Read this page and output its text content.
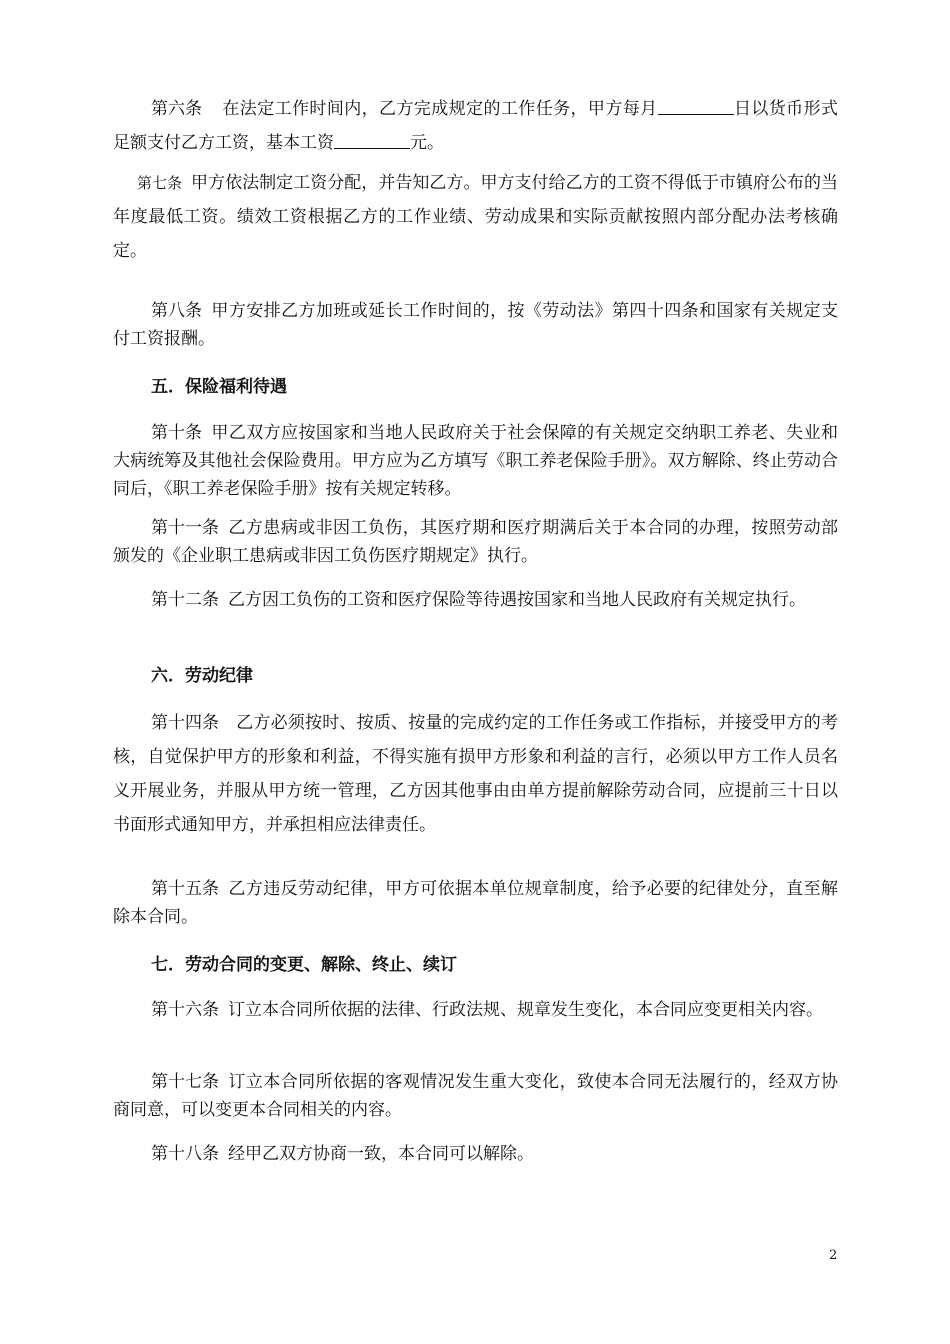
第六条 在法定工作时间内，乙方完成规定的工作任务，甲方每月	日以货币形式足额支付乙方工资，基本工资	元。

第七条 甲方依法制定工资分配，并告知乙方。甲方支付给乙方的工资不得低于市镇府公布的当年度最低工资。绩效工资根据乙方的工作业绩、劳动成果和实际贡献按照内部分配办法考核确定。

第八条 甲方安排乙方加班或延长工作时间的，按《劳动法》第四十四条和国家有关规定支付工资报酬。

五．保险福利待遇

第十条 甲乙双方应按国家和当地人民政府关于社会保障的有关规定交纳职工养老、失业和大病统筹及其他社会保险费用。甲方应为乙方填写《职工养老保险手册》。双方解除、终止劳动合同后，《职工养老保险手册》按有关规定转移。

第十一条 乙方患病或非因工负伤，其医疗期和医疗期满后关于本合同的办理，按照劳动部颁发的《企业职工患病或非因工负伤医疗期规定》执行。

第十二条 乙方因工负伤的工资和医疗保险等待遇按国家和当地人民政府有关规定执行。

六．劳动纪律

第十四条 乙方必须按时、按质、按量的完成约定的工作任务或工作指标，并接受甲方的考核，自觉保护甲方的形象和利益，不得实施有损甲方形象和利益的言行，必须以甲方工作人员名义开展业务，并服从甲方统一管理，乙方因其他事由由单方提前解除劳动合同，应提前三十日以书面形式通知甲方，并承担相应法律责任。

第十五条 乙方违反劳动纪律，甲方可依据本单位规章制度，给予必要的纪律处分，直至解除本合同。

七．劳动合同的变更、解除、终止、续订

第十六条 订立本合同所依据的法律、行政法规、规章发生变化，本合同应变更相关内容。

第十七条 订立本合同所依据的客观情况发生重大变化，致使本合同无法履行的，经双方协商同意，可以变更本合同相关的内容。

第十八条 经甲乙双方协商一致，本合同可以解除。

2
